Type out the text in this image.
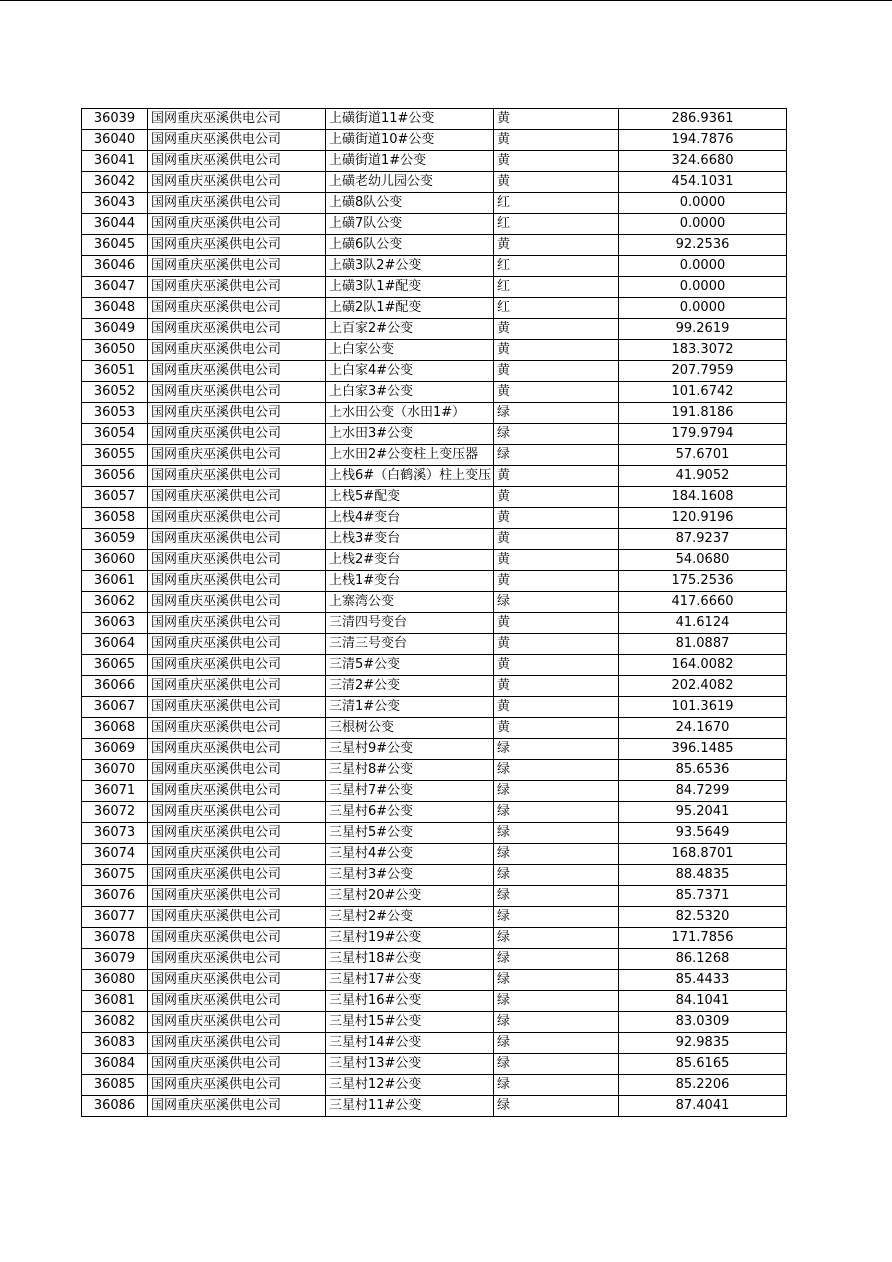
36039	国网重庆巫溪供电公司	上磺街道11#公变	黄	286.9361
36040	国网重庆巫溪供电公司	上磺街道10#公变	黄	194.7876
36041	国网重庆巫溪供电公司	上磺街道1#公变	黄	324.6680
36042	国网重庆巫溪供电公司	上磺老幼儿园公变	黄	454.1031
36043	国网重庆巫溪供电公司	上磺8队公变	红	0.0000
36044	国网重庆巫溪供电公司	上磺7队公变	红	0.0000
36045	国网重庆巫溪供电公司	上磺6队公变	黄	92.2536
36046	国网重庆巫溪供电公司	上磺3队2#公变	红	0.0000
36047	国网重庆巫溪供电公司	上磺3队1#配变	红	0.0000
36048	国网重庆巫溪供电公司	上磺2队1#配变	红	0.0000
36049	国网重庆巫溪供电公司	上百家2#公变	黄	99.2619
36050	国网重庆巫溪供电公司	上白家公变	黄	183.3072
36051	国网重庆巫溪供电公司	上白家4#公变	黄	207.7959
36052	国网重庆巫溪供电公司	上白家3#公变	黄	101.6742
36053	国网重庆巫溪供电公司	上水田公变（水田1#）	绿	191.8186
36054	国网重庆巫溪供电公司	上水田3#公变	绿	179.9794
36055	国网重庆巫溪供电公司	上水田2#公变柱上变压器	绿	57.6701
36056	国网重庆巫溪供电公司	上栈6#（白鹤溪）柱上变压	黄	41.9052
36057	国网重庆巫溪供电公司	上栈5#配变	黄	184.1608
36058	国网重庆巫溪供电公司	上栈4#变台	黄	120.9196
36059	国网重庆巫溪供电公司	上栈3#变台	黄	87.9237
36060	国网重庆巫溪供电公司	上栈2#变台	黄	54.0680
36061	国网重庆巫溪供电公司	上栈1#变台	黄	175.2536
36062	国网重庆巫溪供电公司	上寨湾公变	绿	417.6660
36063	国网重庆巫溪供电公司	三清四号变台	黄	41.6124
36064	国网重庆巫溪供电公司	三清三号变台	黄	81.0887
36065	国网重庆巫溪供电公司	三清5#公变	黄	164.0082
36066	国网重庆巫溪供电公司	三清2#公变	黄	202.4082
36067	国网重庆巫溪供电公司	三清1#公变	黄	101.3619
36068	国网重庆巫溪供电公司	三根树公变	黄	24.1670
36069	国网重庆巫溪供电公司	三星村9#公变	绿	396.1485
36070	国网重庆巫溪供电公司	三星村8#公变	绿	85.6536
36071	国网重庆巫溪供电公司	三星村7#公变	绿	84.7299
36072	国网重庆巫溪供电公司	三星村6#公变	绿	95.2041
36073	国网重庆巫溪供电公司	三星村5#公变	绿	93.5649
36074	国网重庆巫溪供电公司	三星村4#公变	绿	168.8701
36075	国网重庆巫溪供电公司	三星村3#公变	绿	88.4835
36076	国网重庆巫溪供电公司	三星村20#公变	绿	85.7371
36077	国网重庆巫溪供电公司	三星村2#公变	绿	82.5320
36078	国网重庆巫溪供电公司	三星村19#公变	绿	171.7856
36079	国网重庆巫溪供电公司	三星村18#公变	绿	86.1268
36080	国网重庆巫溪供电公司	三星村17#公变	绿	85.4433
36081	国网重庆巫溪供电公司	三星村16#公变	绿	84.1041
36082	国网重庆巫溪供电公司	三星村15#公变	绿	83.0309
36083	国网重庆巫溪供电公司	三星村14#公变	绿	92.9835
36084	国网重庆巫溪供电公司	三星村13#公变	绿	85.6165
36085	国网重庆巫溪供电公司	三星村12#公变	绿	85.2206
36086	国网重庆巫溪供电公司	三星村11#公变	绿	87.4041
